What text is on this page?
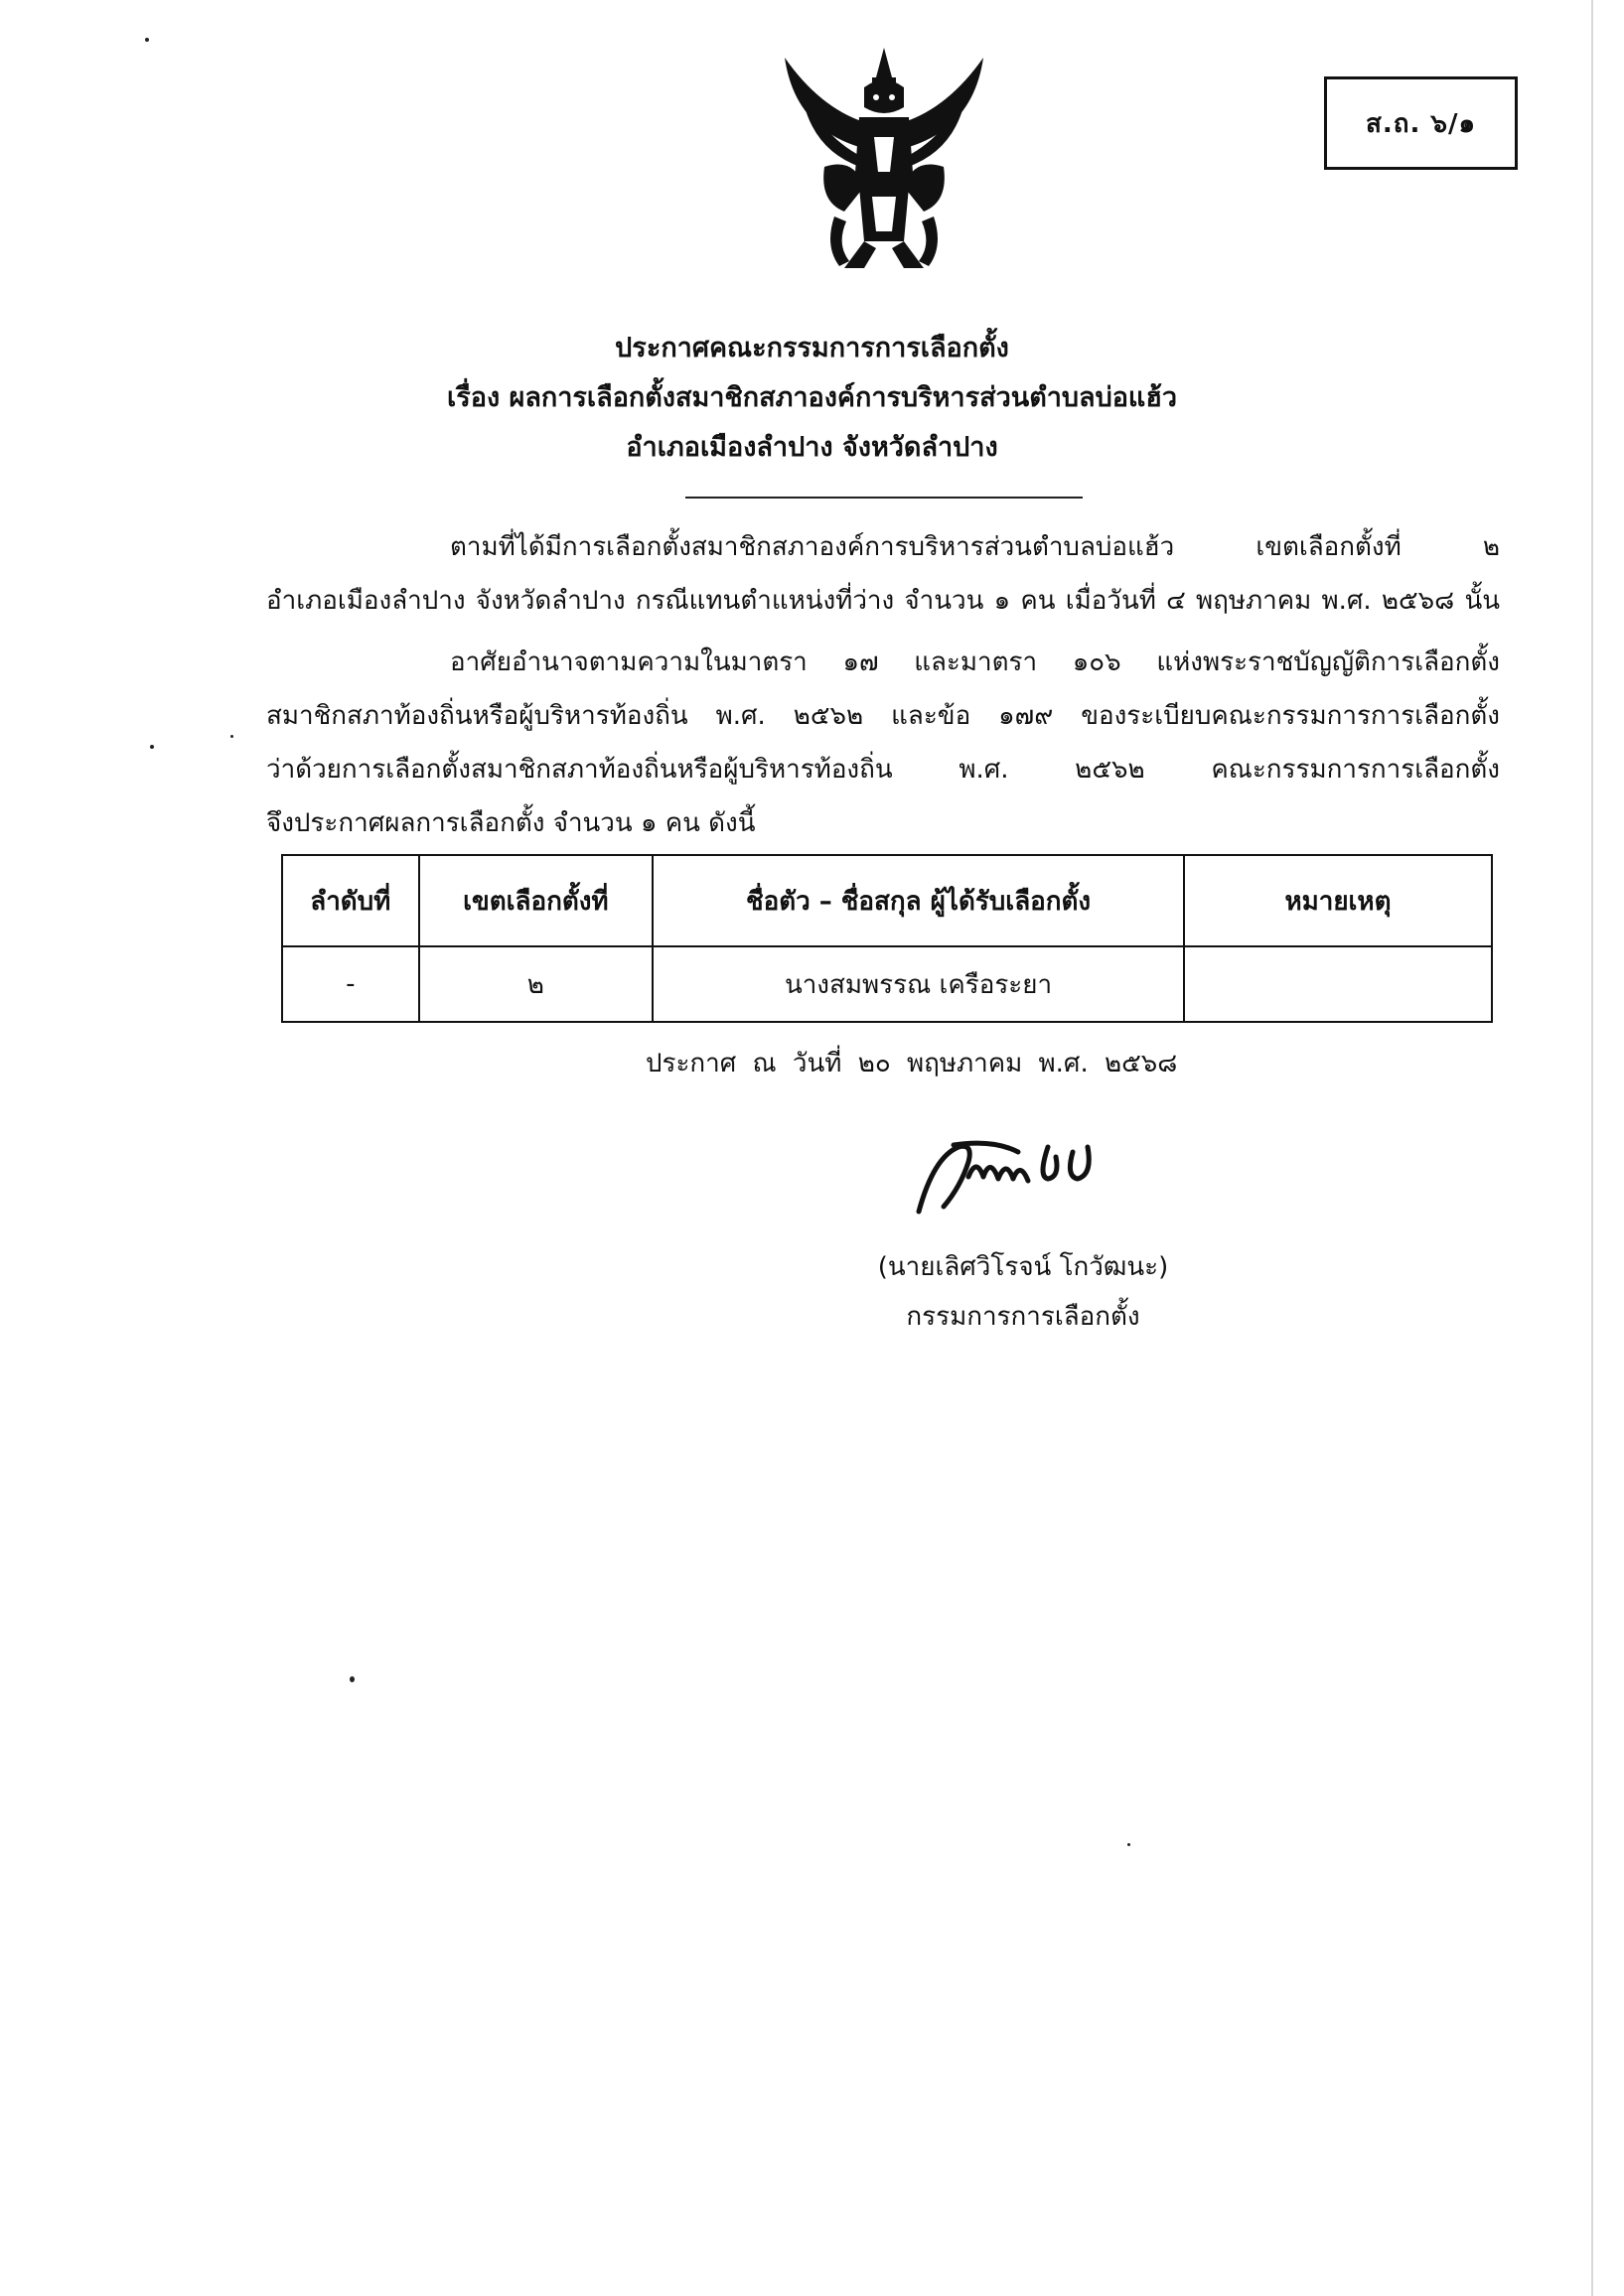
ส.ถ. ๖/๑
ประกาศคณะกรรมการการเลือกตั้ง
เรื่อง ผลการเลือกตั้งสมาชิกสภาองค์การบริหารส่วนตำบลบ่อแฮ้ว
อำเภอเมืองลำปาง จังหวัดลำปาง
ตามที่ได้มีการเลือกตั้งสมาชิกสภาองค์การบริหารส่วนตำบลบ่อแฮ้ว เขตเลือกตั้งที่ ๒
อำเภอเมืองลำปาง จังหวัดลำปาง กรณีแทนตำแหน่งที่ว่าง จำนวน ๑ คน เมื่อวันที่ ๔ พฤษภาคม พ.ศ. ๒๕๖๘ นั้น
อาศัยอำนาจตามความในมาตรา ๑๗ และมาตรา ๑๐๖ แห่งพระราชบัญญัติการเลือกตั้ง
สมาชิกสภาท้องถิ่นหรือผู้บริหารท้องถิ่น พ.ศ. ๒๕๖๒ และข้อ ๑๗๙ ของระเบียบคณะกรรมการการเลือกตั้ง
ว่าด้วยการเลือกตั้งสมาชิกสภาท้องถิ่นหรือผู้บริหารท้องถิ่น พ.ศ. ๒๕๖๒ คณะกรรมการการเลือกตั้ง
จึงประกาศผลการเลือกตั้ง จำนวน ๑ คน ดังนี้
ลำดับที่	เขตเลือกตั้งที่	ชื่อตัว – ชื่อสกุล ผู้ได้รับเลือกตั้ง	หมายเหตุ
-	๒	นางสมพรรณ เครือระยา	
ประกาศ ณ วันที่ ๒๐ พฤษภาคม พ.ศ. ๒๕๖๘
(นายเลิศวิโรจน์ โกวัฒนะ)
กรรมการการเลือกตั้ง
